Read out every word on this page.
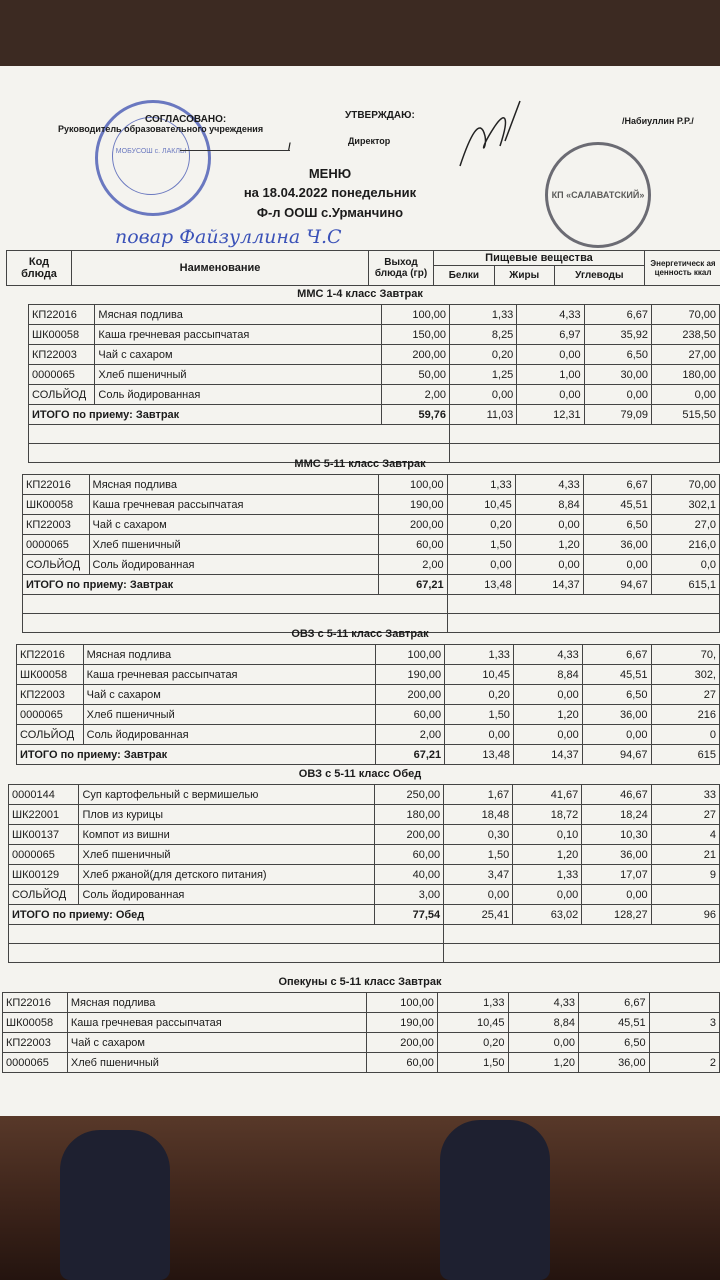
МОБУСОШ с. ЛАКЛЫ
СОГЛАСОВАНО:
Руководитель образовательного учреждения
/
УТВЕРЖДАЮ:
Директор
/Набиуллин Р.Р./
КП «САЛАВАТСКИЙ»
МЕНЮ
на 18.04.2022 понедельник
Ф-л ООШ с.Урманчино
повар Файзуллина Ч.С
Код блюда	Наименование	Выход блюда (гр)	Пищевые вещества			Энергетическ ая ценность ккал
			Белки	Жиры	Углеводы	
ММС 1-4 класс Завтрак
КП22016	Мясная подлива	100,00	1,33	4,33	6,67	70,00
ШК00058	Каша гречневая рассыпчатая	150,00	8,25	6,97	35,92	238,50
КП22003	Чай с сахаром	200,00	0,20	0,00	6,50	27,00
0000065	Хлеб пшеничный	50,00	1,25	1,00	30,00	180,00
СОЛЬЙОД	Соль йодированная	2,00	0,00	0,00	0,00	0,00
ИТОГО по приему: Завтрак		59,76	11,03	12,31	79,09	515,50

ММС 5-11 класс Завтрак
КП22016	Мясная подлива	100,00	1,33	4,33	6,67	70,00
ШК00058	Каша гречневая рассыпчатая	190,00	10,45	8,84	45,51	302,1
КП22003	Чай с сахаром	200,00	0,20	0,00	6,50	27,0
0000065	Хлеб пшеничный	60,00	1,50	1,20	36,00	216,0
СОЛЬЙОД	Соль йодированная	2,00	0,00	0,00	0,00	0,0
ИТОГО по приему: Завтрак		67,21	13,48	14,37	94,67	615,1

ОВЗ с 5-11 класс Завтрак
КП22016	Мясная подлива	100,00	1,33	4,33	6,67	70,
ШК00058	Каша гречневая рассыпчатая	190,00	10,45	8,84	45,51	302,
КП22003	Чай с сахаром	200,00	0,20	0,00	6,50	27
0000065	Хлеб пшеничный	60,00	1,50	1,20	36,00	216
СОЛЬЙОД	Соль йодированная	2,00	0,00	0,00	0,00	0
ИТОГО по приему: Завтрак		67,21	13,48	14,37	94,67	615
ОВЗ с 5-11 класс Обед
0000144	Суп картофельный с вермишелью	250,00	1,67	41,67	46,67	33
ШК22001	Плов из курицы	180,00	18,48	18,72	18,24	27
ШК00137	Компот из вишни	200,00	0,30	0,10	10,30	4
0000065	Хлеб пшеничный	60,00	1,50	1,20	36,00	21
ШК00129	Хлеб ржаной(для детского питания)	40,00	3,47	1,33	17,07	9
СОЛЬЙОД	Соль йодированная	3,00	0,00	0,00	0,00	
ИТОГО по приему: Обед		77,54	25,41	63,02	128,27	96

Опекуны с 5-11 класс Завтрак
КП22016	Мясная подлива	100,00	1,33	4,33	6,67	
ШК00058	Каша гречневая рассыпчатая	190,00	10,45	8,84	45,51	3
КП22003	Чай с сахаром	200,00	0,20	0,00	6,50	
0000065	Хлеб пшеничный	60,00	1,50	1,20	36,00	2
